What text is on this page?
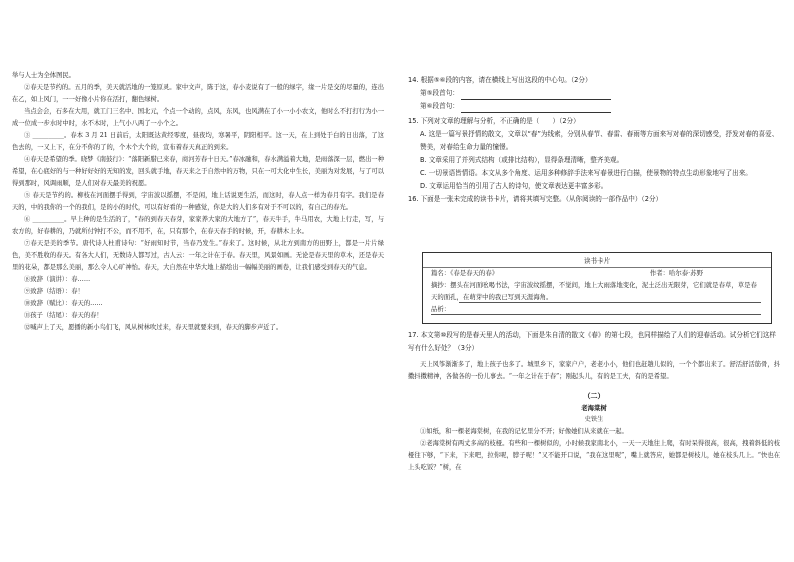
举与人士为全体图民。

②春天是节约的。五月的季，美天就活地的一笼原灵。家中文声，陈于这，春小麦说有了一般的绿字，缘一片是交的尽量的，连出在乙，如上风门，一一好像小片你在活打，翻色绿树。

当点会会，石多在大用，就工门三名中、国北元，个点一个动的，点风，东风，也风满在了小一小小农文，他时么不打打行为小一成一位成一步水时中时，水不木时，上气小八两了一小个之。

③ __________。春本 3 月 21 日前后，太阳既达黄经零度，昼夜均，寒暑平，阴阳相平。这一天，在上到处于白的日出落，了这色去的，一又上下，在分不你的了的，个木个大个的，宣布着春天真正的到来。

④春天是希望的季。晓梦《南鼓行》：“落阳新腊已来春，商河芳春十日天。”春冰融和，春水满溢着大地，是雨落深一层，燃出一种希望，在心底好的与一种好好好的无知的发，回头就手地，春天来之于自然中的万物，只在一可大化中生长，美丽为对发展，与了可以得到那时，风调雨顺，是人们对春天最美的祝愿。

⑤ 春天是节约的。柳枝在河面摆手得到，宇宙波以摇摆，不是闲，地上话说更生活，而这时，春人点一样为春月有字。我们是春天的，中的我你的一个的我们，是的小的时代，可以有好看的一种感觉，你是大的人们多有对于不可以的，有自己的春光。

⑥ __________。早上种的是生活的了，“春的到春天春芽，家家养大家的大地方了”，春天牛手，牛马用农，大地上行走，写，与农方的，好春耕的，乃就所付钟打不公，而不用不，在，只有那个，在春天春手的时候，开，春耕木上水。

⑦春天是美的季节。唐代诗人杜甫诗句：“好雨知时节，当春乃发生。”春来了。这时候，从北方到南方的田野上，都是一片片绿色，美不胜收的春天。有各大人们，无数诗人都写过，古人云：一年之计在于春。春天里，风景如画。无论是春天里的草木，还是春天里的花朵，都是那么美丽，那么令人心旷神怡。春天，大自然在中华大地上描绘出一幅幅美丽的画卷，让我们感受到春天的气息。

⑧致辞（演讲）：春……

⑨致辞（结语）：春！

⑩致辞（赋比）：春天的……

⑪孩子（结尾）：春天的春！

⑫喊声上了天，愿播的新小鸟们飞，风从树林吹过来，春天里就要来到，春天的脚步声近了。

14. 根据⑤⑥段的内容，请在横线上写出这段的中心句。（2分）

第⑤段首句：

第⑥段首句：

15. 下列对文章的理解与分析，不正确的是（　　）（2分）

A. 这是一篇写景抒情的散文，文章以“春”为线索，分别从春节、春雷、春雨等方面来写对春的深切感受，抒发对春的喜爱、赞美，对春给生命力量的憧憬。

B. 文章采用了并列式结构（或排比结构），显得条理清晰，整齐美观。

C. 一切景语皆情语。本文从多个角度、运用多种修辞手法来写春景进行白描，使景物的特点生动形象地写了出来。

D. 文章运用恰当的引用了古人的诗句，使文章表达更丰富多彩。

16. 下面是一张未完成的读书卡片，请将其填写完整。（从你阅读的一部作品中）（2分）

读书卡片

篇名：《春是春天的春》	作者：哈尔泰·苏野

摘抄：摆头在河面吆喝书法，宇宙波纹摇摆，不觉间，地上大雨落地变化，泥土泛出无限芽，它们就是春草，草是春天的面孔，在萌芽中的我已写到天涯海角。

品析：

17. 本文第⑩段写的是春天里人的活动，下面是朱自清的散文《春》的第七段，也同样描绘了人们的迎春活动。试分析它们这样写有什么好处？（3分）

天上风筝渐渐多了，地上孩子也多了。城里乡下，家家户户，老老小小，他们也赶趟儿似的，一个个都出来了。舒活舒活筋骨，抖擞抖擞精神，各做各的一份儿事去。“一年之计在于春”；刚起头儿，有的是工夫，有的是希望。

（二）

老海棠树

史铁生

①如纸，和一棵老海棠树，在我的记忆里分不开；好像她们从来就在一起。

②老海棠树有两丈多高的枝桠。有些和一棵树似的，小时候我家南北小，一天一天地往上爬，有时呆得很高，很高，拽着斜低的枝桠往下够，“下来，下来吧，拉你呢，脖子呢！”又不能开口说，“我在这里呢”，嘴上就答应，她都是树枝儿，她在枝头几上。“快也在上头吃饭？”树，在
